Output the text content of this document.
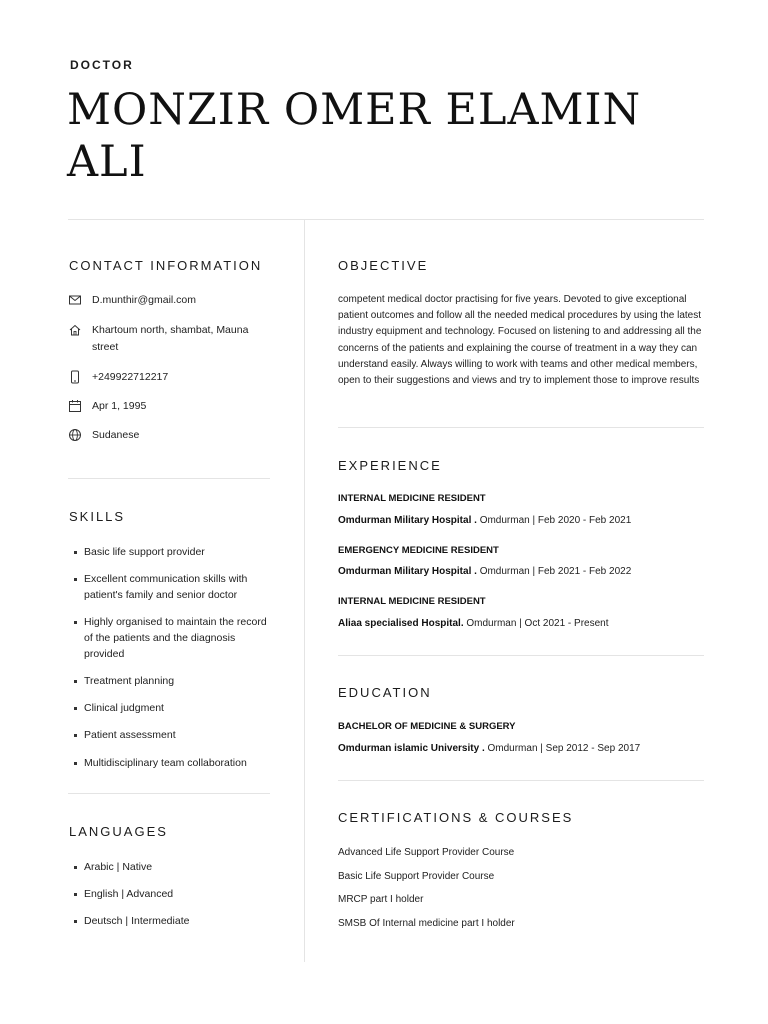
DOCTOR
MONZIR OMER ELAMIN
ALI
CONTACT INFORMATION
D.munthir@gmail.com
Khartoum north, shambat, Mauna street
+249922712217
Apr 1, 1995
Sudanese
SKILLS
Basic life support provider
Excellent communication skills with patient's family and senior doctor
Highly organised to maintain the record of the patients and the diagnosis provided
Treatment planning
Clinical judgment
Patient assessment
Multidisciplinary team collaboration
LANGUAGES
Arabic | Native
English | Advanced
Deutsch | Intermediate
OBJECTIVE

competent medical doctor practising for five years. Devoted to give exceptional patient outcomes and follow all the needed medical procedures by using the latest industry equipment and technology. Focused on listening to and addressing all the concerns of the patients and explaining the course of treatment in a way they can understand easily. Always willing to work with teams and other medical members, open to their suggestions and views and try to implement those to improve results

EXPERIENCE
INTERNAL MEDICINE RESIDENT
Omdurman Military Hospital . Omdurman | Feb 2020 - Feb 2021
EMERGENCY MEDICINE RESIDENT
Omdurman Military Hospital . Omdurman | Feb 2021 - Feb 2022
INTERNAL MEDICINE RESIDENT
Aliaa specialised Hospital. Omdurman | Oct 2021 - Present
EDUCATION
BACHELOR OF MEDICINE & SURGERY
Omdurman islamic University . Omdurman | Sep 2012 - Sep 2017
CERTIFICATIONS & COURSES
Advanced Life Support Provider Course
Basic Life Support Provider Course
MRCP part I holder
SMSB Of Internal medicine part I holder
